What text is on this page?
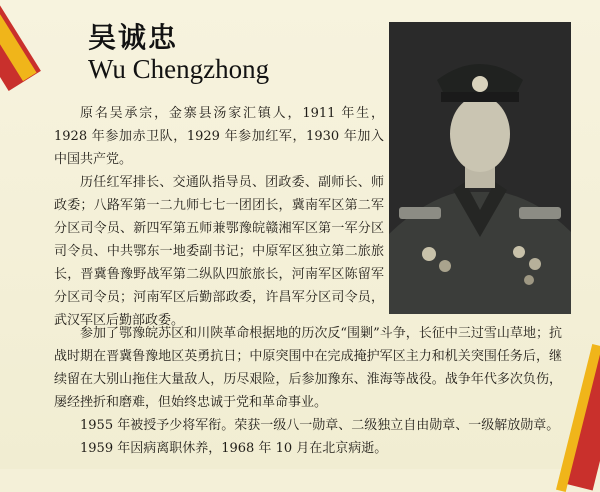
吴诚忠
Wu Chengzhong

原名吴承宗，金寨县汤家汇镇人，1911 年生，1928 年参加赤卫队，1929 年参加红军，1930 年加入中国共产党。

历任红军排长、交通队指导员、团政委、副师长、师政委；八路军第一二九师七七一团团长，冀南军区第二军分区司令员、新四军第五师兼鄂豫皖赣湘军区第一军分区司令员、中共鄂东一地委副书记；中原军区独立第二旅旅长，晋冀鲁豫野战军第二纵队四旅旅长，河南军区陈留军分区司令员；河南军区后勤部政委，许昌军分区司令员，武汉军区后勤部政委。

参加了鄂豫皖苏区和川陕革命根据地的历次反“围剿”斗争，长征中三过雪山草地；抗战时期在晋冀鲁豫地区英勇抗日；中原突围中在完成掩护军区主力和机关突围任务后，继续留在大别山拖住大量敌人，历尽艰险，后参加豫东、淮海等战役。战争年代多次负伤，屡经挫折和磨难，但始终忠诚于党和革命事业。

1955 年被授予少将军衔。荣获一级八一勋章、二级独立自由勋章、一级解放勋章。

1959 年因病离职休养，1968 年 10 月在北京病逝。
